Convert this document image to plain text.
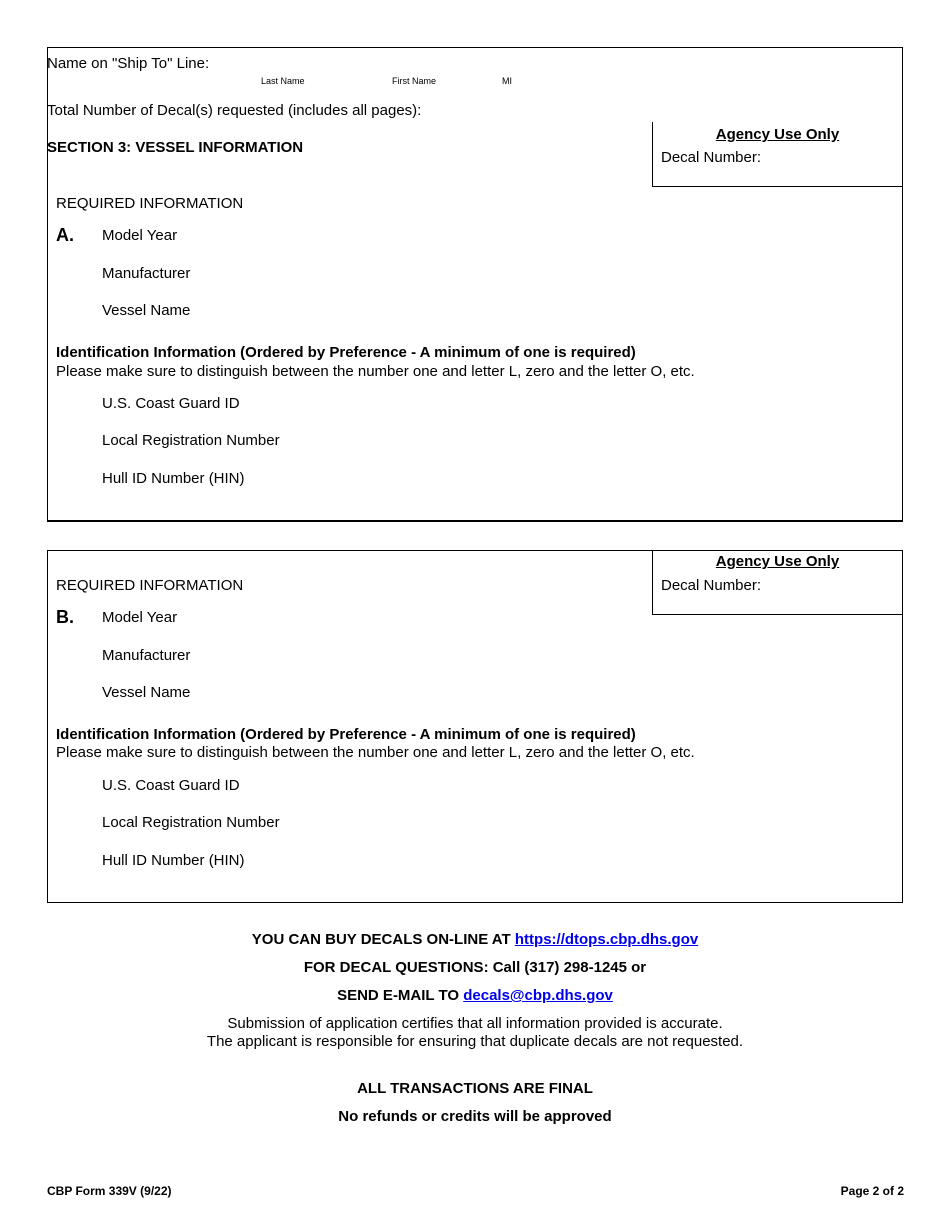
Name on "Ship To" Line:
Last Name	First Name	MI
Total Number of Decal(s) requested (includes all pages):
SECTION 3: VESSEL INFORMATION
Agency Use Only
Decal Number:
REQUIRED INFORMATION
A. Model Year
Manufacturer
Vessel Name
Identification Information (Ordered by Preference - A minimum of one is required)
Please make sure to distinguish between the number one and letter L, zero and the letter O, etc.
U.S. Coast Guard ID
Local Registration Number
Hull ID Number (HIN)
Agency Use Only
Decal Number:
REQUIRED INFORMATION
B. Model Year
Manufacturer
Vessel Name
Identification Information (Ordered by Preference - A minimum of one is required)
Please make sure to distinguish between the number one and letter L, zero and the letter O, etc.
U.S. Coast Guard ID
Local Registration Number
Hull ID Number (HIN)
YOU CAN BUY DECALS ON-LINE AT https://dtops.cbp.dhs.gov
FOR DECAL QUESTIONS: Call (317) 298-1245 or
SEND E-MAIL TO decals@cbp.dhs.gov
Submission of application certifies that all information provided is accurate.
The applicant is responsible for ensuring that duplicate decals are not requested.
ALL TRANSACTIONS ARE FINAL
No refunds or credits will be approved
CBP Form 339V (9/22)	Page 2 of 2
